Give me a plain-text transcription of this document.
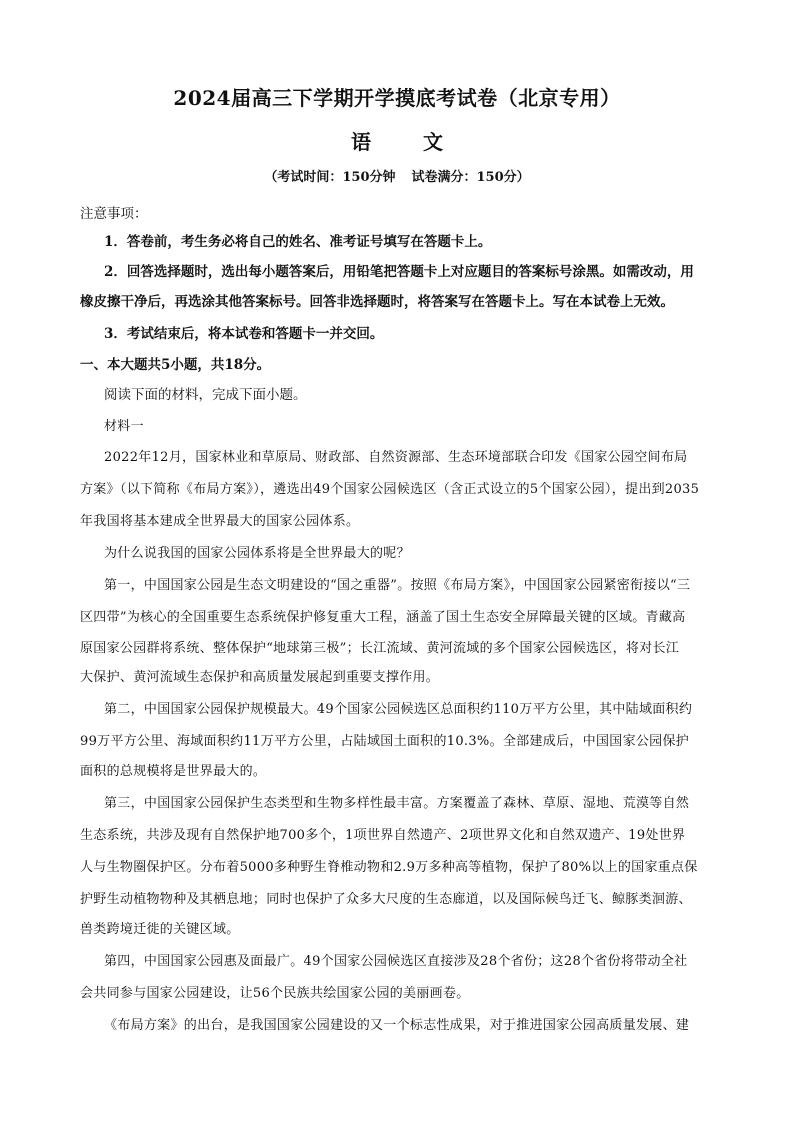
2024届高三下学期开学摸底考试卷（北京专用）
语	文
（考试时间：150分钟 试卷满分：150分）
注意事项：
1．答卷前，考生务必将自己的姓名、准考证号填写在答题卡上。
2．回答选择题时，选出每小题答案后，用铅笔把答题卡上对应题目的答案标号涂黑。如需改动，用
橡皮擦干净后，再选涂其他答案标号。回答非选择题时，将答案写在答题卡上。写在本试卷上无效。
3．考试结束后，将本试卷和答题卡一并交回。
一、本大题共5小题，共18分。
阅读下面的材料，完成下面小题。
材料一
2022年12月，国家林业和草原局、财政部、自然资源部、生态环境部联合印发《国家公园空间布局
方案》（以下简称《布局方案》），遴选出49个国家公园候选区（含正式设立的5个国家公园），提出到2035
年我国将基本建成全世界最大的国家公园体系。
为什么说我国的国家公园体系将是全世界最大的呢？
第一，中国国家公园是生态文明建设的“国之重器”。按照《布局方案》，中国国家公园紧密衔接以“三
区四带”为核心的全国重要生态系统保护修复重大工程，涵盖了国土生态安全屏障最关键的区域。青藏高
原国家公园群将系统、整体保护“地球第三极”；长江流域、黄河流域的多个国家公园候选区，将对长江
大保护、黄河流域生态保护和高质量发展起到重要支撑作用。
第二，中国国家公园保护规模最大。49个国家公园候选区总面积约110万平方公里，其中陆域面积约
99万平方公里、海域面积约11万平方公里，占陆域国土面积的10.3%。全部建成后，中国国家公园保护
面积的总规模将是世界最大的。
第三，中国国家公园保护生态类型和生物多样性最丰富。方案覆盖了森林、草原、湿地、荒漠等自然
生态系统，共涉及现有自然保护地700多个，1项世界自然遗产、2项世界文化和自然双遗产、19处世界
人与生物圈保护区。分布着5000多种野生脊椎动物和2.9万多种高等植物，保护了80%以上的国家重点保
护野生动植物物种及其栖息地；同时也保护了众多大尺度的生态廊道，以及国际候鸟迁飞、鲸豚类洄游、
兽类跨境迁徙的关键区域。
第四，中国国家公园惠及面最广。49个国家公园候选区直接涉及28个省份；这28个省份将带动全社
会共同参与国家公园建设，让56个民族共绘国家公园的美丽画卷。
《布局方案》的出台，是我国国家公园建设的又一个标志性成果，对于推进国家公园高质量发展、建
